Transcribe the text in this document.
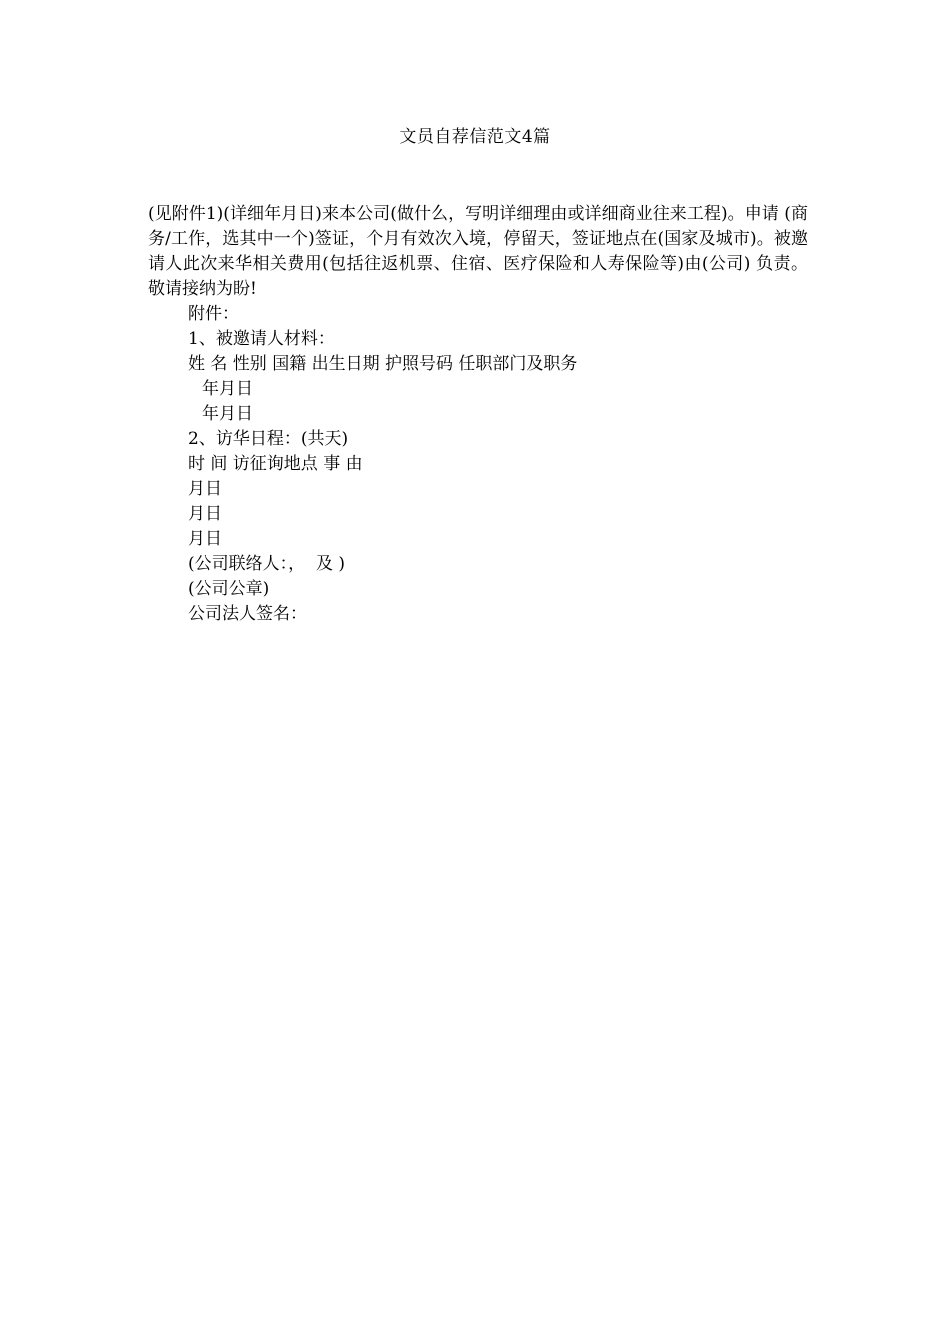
文员自荐信范文4篇

(见附件1)(详细年月日)来本公司(做什么，写明详细理由或详细商业往来工程)。申请 (商务/工作，选其中一个)签证，个月有效次入境，停留天，签证地点在(国家及城市)。被邀请人此次来华相关费用(包括往返机票、住宿、医疗保险和人寿保险等)由(公司) 负责。敬请接纳为盼!

附件：

1、被邀请人材料：

姓 名 性别 国籍 出生日期 护照号码 任职部门及职务

年月日

年月日

2、访华日程：(共天)

时 间 访征询地点 事 由

月日

月日

月日

(公司联络人：，  及 )

(公司公章)

公司法人签名：
